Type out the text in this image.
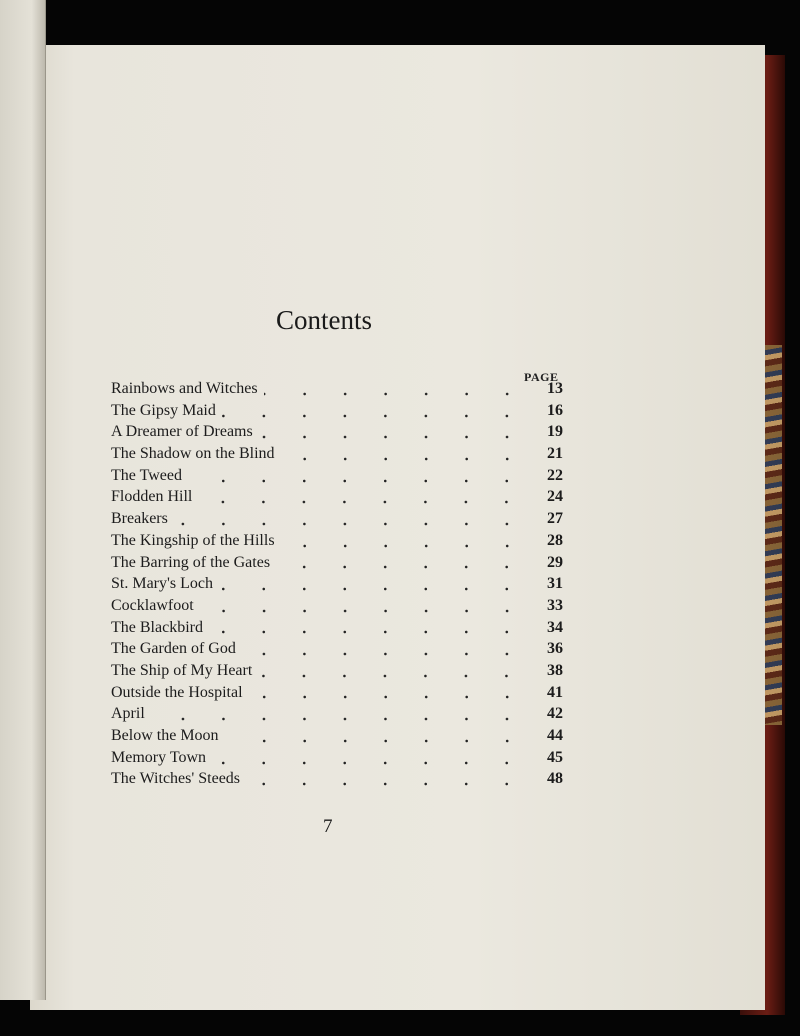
Contents
PAGE
Rainbows and Witches	13
The Gipsy Maid	16
A Dreamer of Dreams	19
The Shadow on the Blind	21
The Tweed	22
Flodden Hill	24
Breakers	27
The Kingship of the Hills	28
The Barring of the Gates	29
St. Mary's Loch	31
Cocklawfoot	33
The Blackbird	34
The Garden of God	36
The Ship of My Heart	38
Outside the Hospital	41
April	42
Below the Moon	44
Memory Town	45
The Witches' Steeds	48
7
